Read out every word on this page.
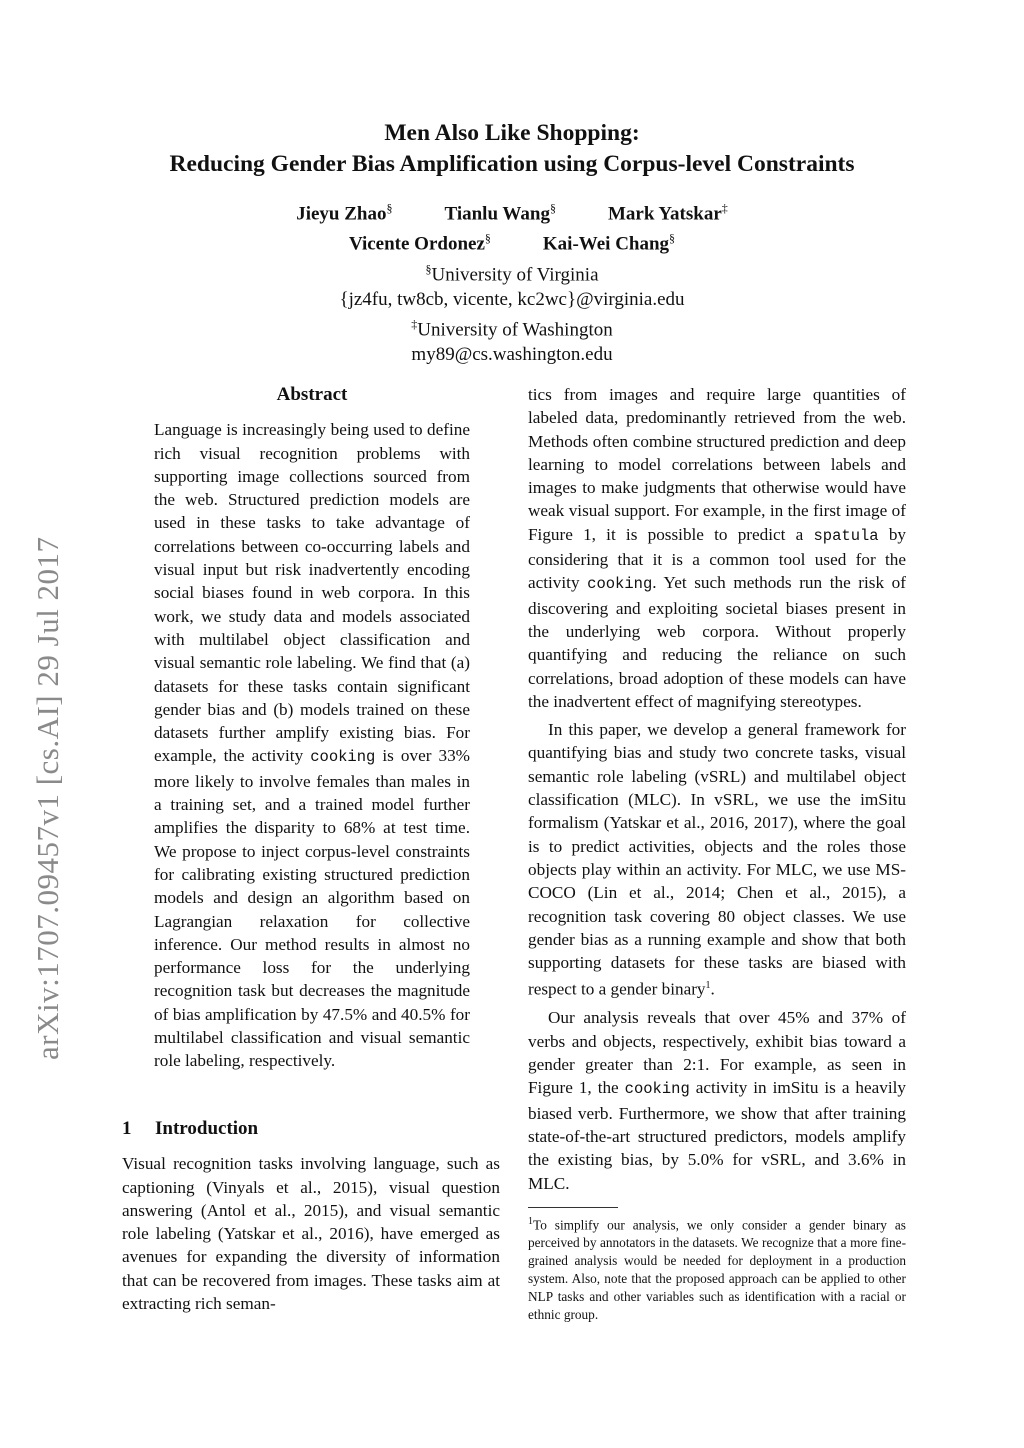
arXiv:1707.09457v1 [cs.AI] 29 Jul 2017

Men Also Like Shopping:

Reducing Gender Bias Amplification using Corpus-level Constraints

Jieyu Zhao§	Tianlu Wang§	Mark Yatskar‡
Vicente Ordonez§	Kai-Wei Chang§
§University of Virginia
{jz4fu, tw8cb, vicente, kc2wc}@virginia.edu
‡University of Washington
my89@cs.washington.edu

Abstract

Language is increasingly being used to define rich visual recognition problems with supporting image collections sourced from the web. Structured prediction models are used in these tasks to take advantage of correlations between co-occurring labels and visual input but risk inadvertently encoding social biases found in web corpora. In this work, we study data and models associated with multilabel object classification and visual semantic role labeling. We find that (a) datasets for these tasks contain significant gender bias and (b) models trained on these datasets further amplify existing bias. For example, the activity cooking is over 33% more likely to involve females than males in a training set, and a trained model further amplifies the disparity to 68% at test time. We propose to inject corpus-level constraints for calibrating existing structured prediction models and design an algorithm based on Lagrangian relaxation for collective inference. Our method results in almost no performance loss for the underlying recognition task but decreases the magnitude of bias amplification by 47.5% and 40.5% for multilabel classification and visual semantic role labeling, respectively.

1 Introduction

Visual recognition tasks involving language, such as captioning (Vinyals et al., 2015), visual question answering (Antol et al., 2015), and visual semantic role labeling (Yatskar et al., 2016), have emerged as avenues for expanding the diversity of information that can be recovered from images. These tasks aim at extracting rich seman-

tics from images and require large quantities of labeled data, predominantly retrieved from the web. Methods often combine structured prediction and deep learning to model correlations between labels and images to make judgments that otherwise would have weak visual support. For example, in the first image of Figure 1, it is possible to predict a spatula by considering that it is a common tool used for the activity cooking. Yet such methods run the risk of discovering and exploiting societal biases present in the underlying web corpora. Without properly quantifying and reducing the reliance on such correlations, broad adoption of these models can have the inadvertent effect of magnifying stereotypes.

In this paper, we develop a general framework for quantifying bias and study two concrete tasks, visual semantic role labeling (vSRL) and multilabel object classification (MLC). In vSRL, we use the imSitu formalism (Yatskar et al., 2016, 2017), where the goal is to predict activities, objects and the roles those objects play within an activity. For MLC, we use MS-COCO (Lin et al., 2014; Chen et al., 2015), a recognition task covering 80 object classes. We use gender bias as a running example and show that both supporting datasets for these tasks are biased with respect to a gender binary$^1$.

Our analysis reveals that over 45% and 37% of verbs and objects, respectively, exhibit bias toward a gender greater than 2:1. For example, as seen in Figure 1, the cooking activity in imSitu is a heavily biased verb. Furthermore, we show that after training state-of-the-art structured predictors, models amplify the existing bias, by 5.0% for vSRL, and 3.6% in MLC.

$^1$To simplify our analysis, we only consider a gender binary as perceived by annotators in the datasets. We recognize that a more fine-grained analysis would be needed for deployment in a production system. Also, note that the proposed approach can be applied to other NLP tasks and other variables such as identification with a racial or ethnic group.
